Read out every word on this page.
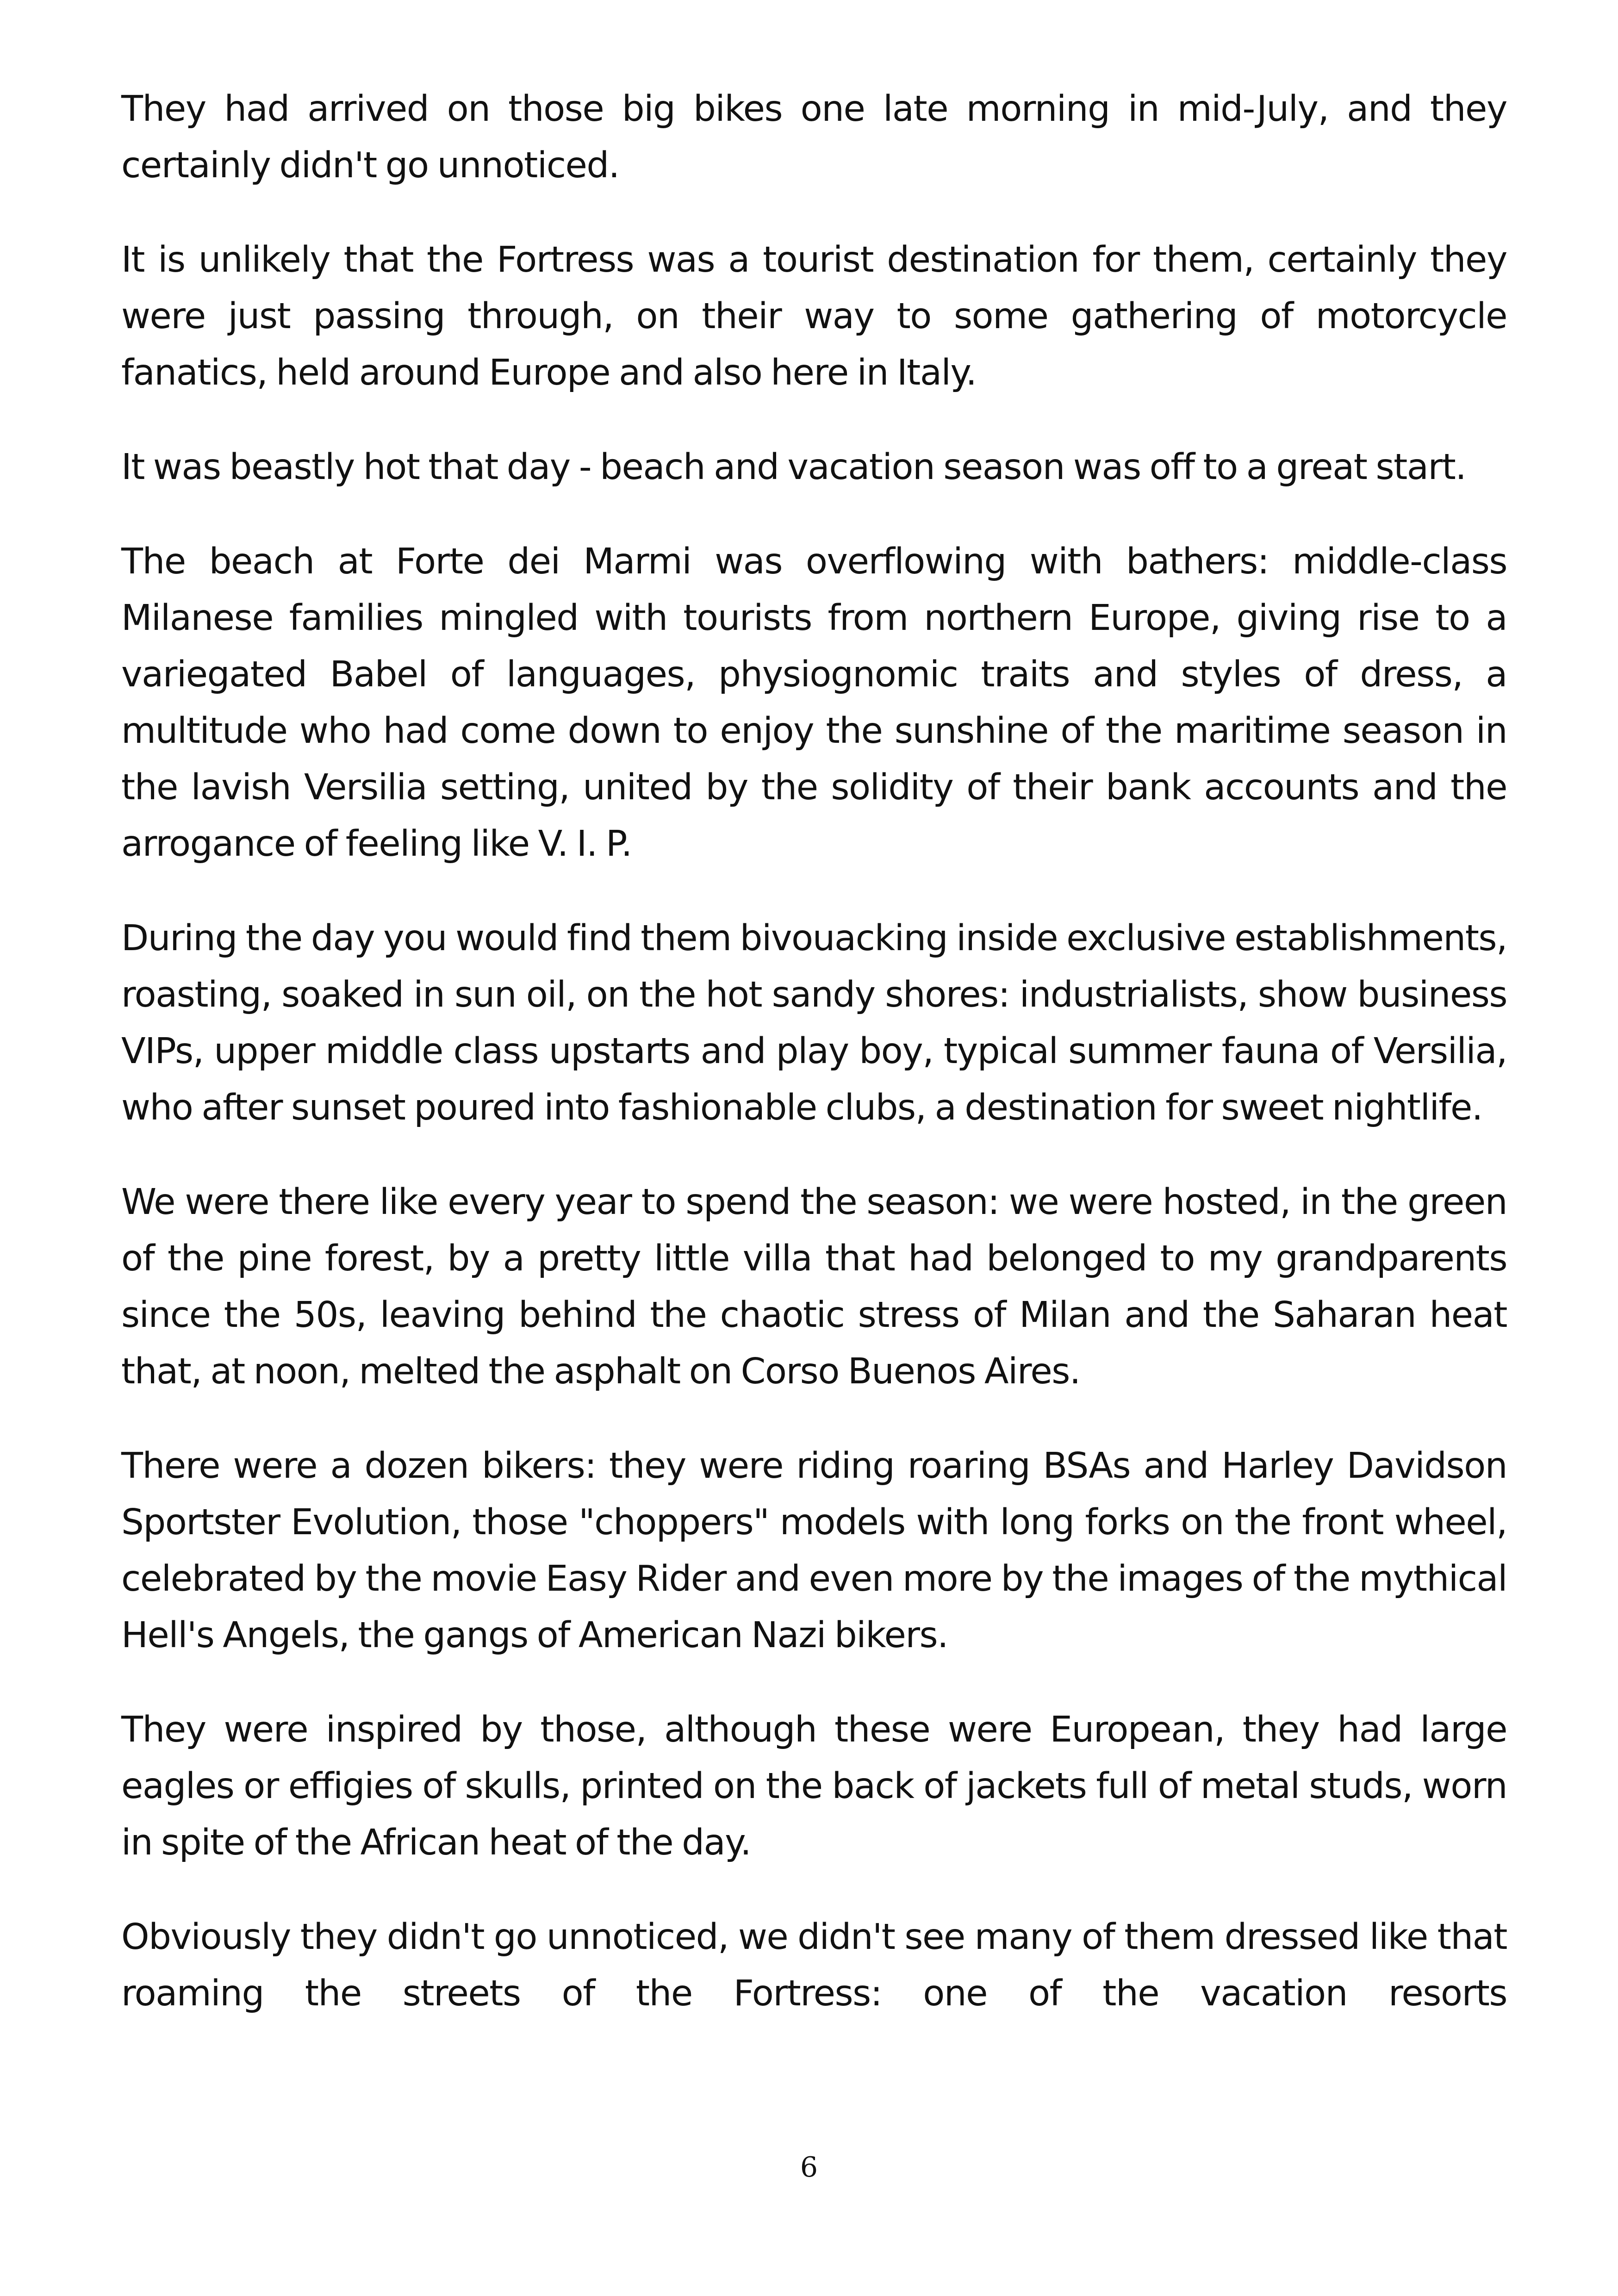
They had arrived on those big bikes one late morning in mid-July, and they certainly didn't go unnoticed.

It is unlikely that the Fortress was a tourist destination for them, certainly they were just passing through, on their way to some gathering of motorcycle fanatics, held around Europe and also here in Italy.

It was beastly hot that day - beach and vacation season was off to a great start.

The beach at Forte dei Marmi was overflowing with bathers: middle-class Milanese families mingled with tourists from northern Europe, giving rise to a variegated Babel of languages, physiognomic traits and styles of dress, a multitude who had come down to enjoy the sunshine of the maritime season in the lavish Versilia setting, united by the solidity of their bank accounts and the arrogance of feeling like V. I. P.

During the day you would find them bivouacking inside exclusive establishments, roasting, soaked in sun oil, on the hot sandy shores: industrialists, show business VIPs, upper middle class upstarts and play boy, typical summer fauna of Versilia, who after sunset poured into fashionable clubs, a destination for sweet nightlife.

We were there like every year to spend the season: we were hosted, in the green of the pine forest, by a pretty little villa that had belonged to my grandparents since the 50s, leaving behind the chaotic stress of Milan and the Saharan heat that, at noon, melted the asphalt on Corso Buenos Aires.

There were a dozen bikers: they were riding roaring BSAs and Harley Davidson Sportster Evolution, those "choppers" models with long forks on the front wheel, celebrated by the movie Easy Rider and even more by the images of the mythical Hell's Angels, the gangs of American Nazi bikers.

They were inspired by those, although these were European, they had large eagles or effigies of skulls, printed on the back of jackets full of metal studs, worn in spite of the African heat of the day.

Obviously they didn't go unnoticed, we didn't see many of them dressed like that roaming the streets of the Fortress: one of the vacation resorts

6
